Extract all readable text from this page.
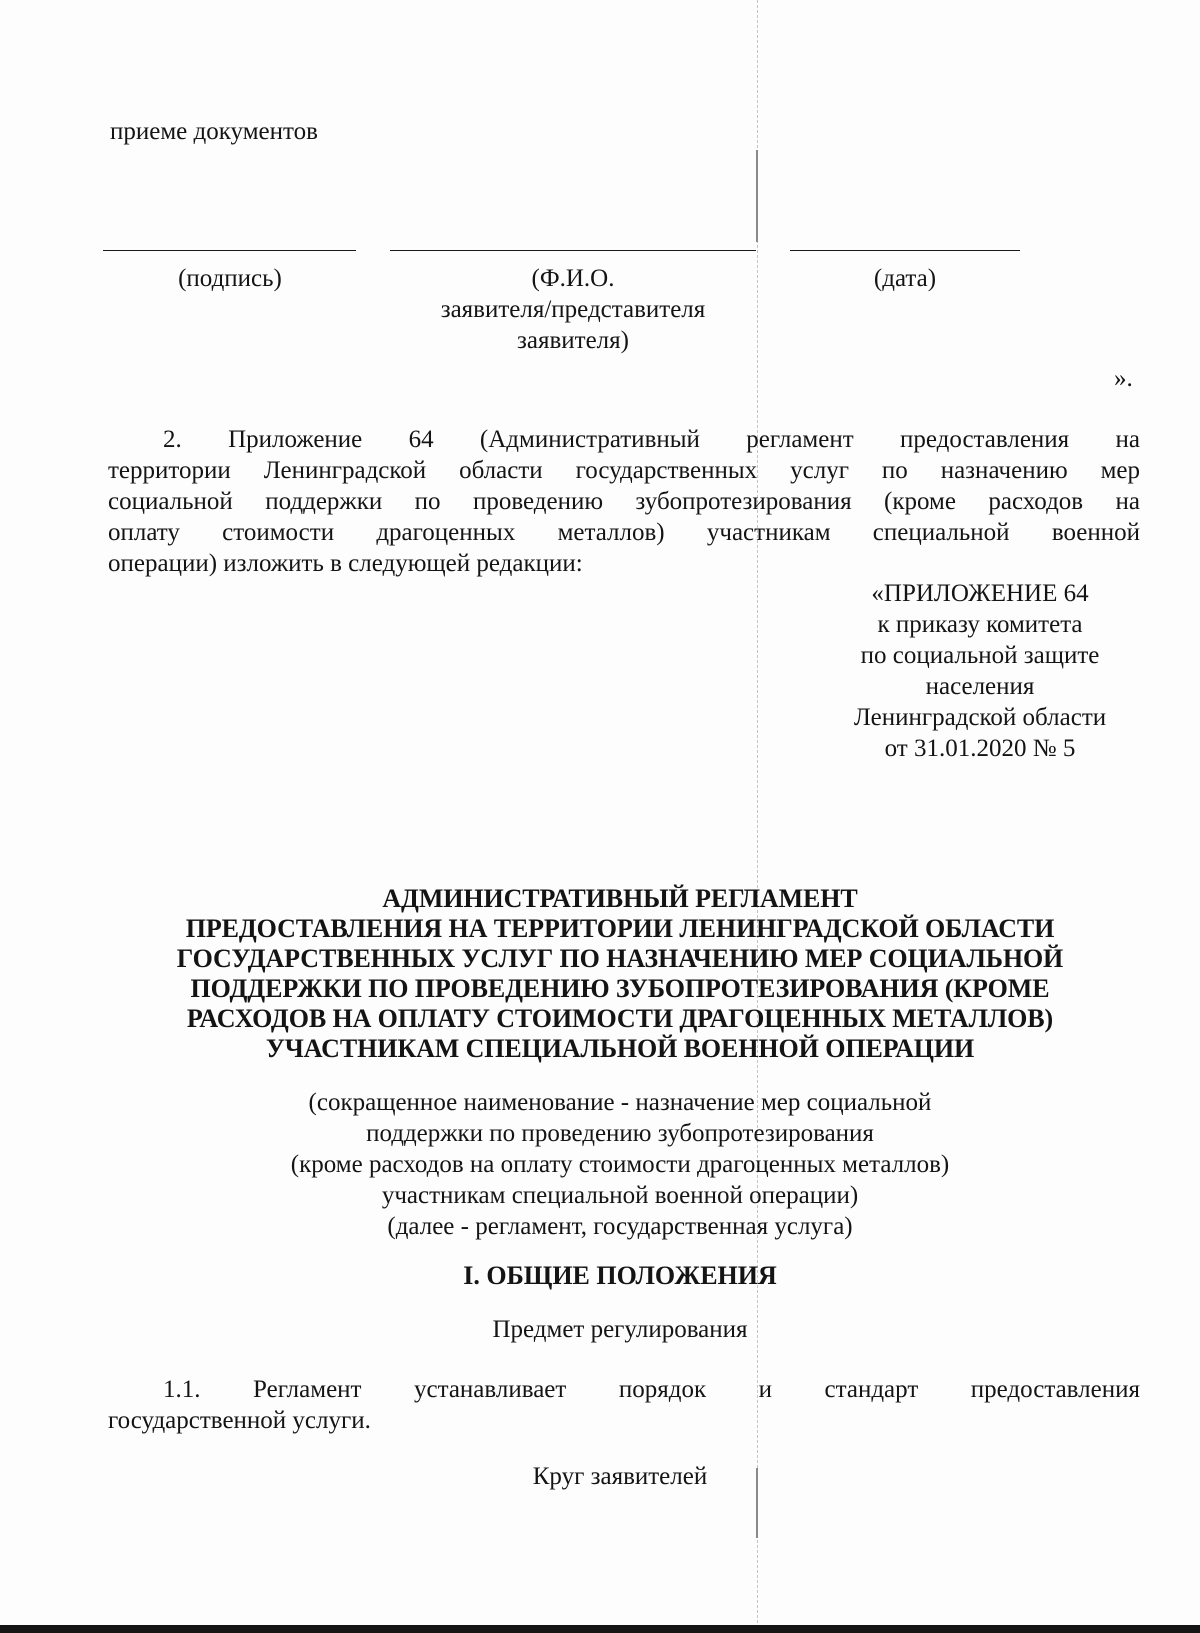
приеме документов
(подпись)	(Ф.И.О.
заявителя/представителя
заявителя)
(дата)
».
2. Приложение 64 (Административный регламент предоставления на
территории Ленинградской области государственных услуг по назначению мер
социальной поддержки по проведению зубопротезирования (кроме расходов на
оплату стоимости драгоценных металлов) участникам специальной военной
операции) изложить в следующей редакции:
«ПРИЛОЖЕНИЕ 64
к приказу комитета
по социальной защите
населения
Ленинградской области
от 31.01.2020 № 5
АДМИНИСТРАТИВНЫЙ РЕГЛАМЕНТ
ПРЕДОСТАВЛЕНИЯ НА ТЕРРИТОРИИ ЛЕНИНГРАДСКОЙ ОБЛАСТИ
ГОСУДАРСТВЕННЫХ УСЛУГ ПО НАЗНАЧЕНИЮ МЕР СОЦИАЛЬНОЙ
ПОДДЕРЖКИ ПО ПРОВЕДЕНИЮ ЗУБОПРОТЕЗИРОВАНИЯ (КРОМЕ
РАСХОДОВ НА ОПЛАТУ СТОИМОСТИ ДРАГОЦЕННЫХ МЕТАЛЛОВ)
УЧАСТНИКАМ СПЕЦИАЛЬНОЙ ВОЕННОЙ ОПЕРАЦИИ
(сокращенное наименование - назначение мер социальной
поддержки по проведению зубопротезирования
(кроме расходов на оплату стоимости драгоценных металлов)
участникам специальной военной операции)
(далее - регламент, государственная услуга)
I. ОБЩИЕ ПОЛОЖЕНИЯ
Предмет регулирования
1.1. Регламент устанавливает порядок и стандарт предоставления
государственной услуги.
Круг заявителей
